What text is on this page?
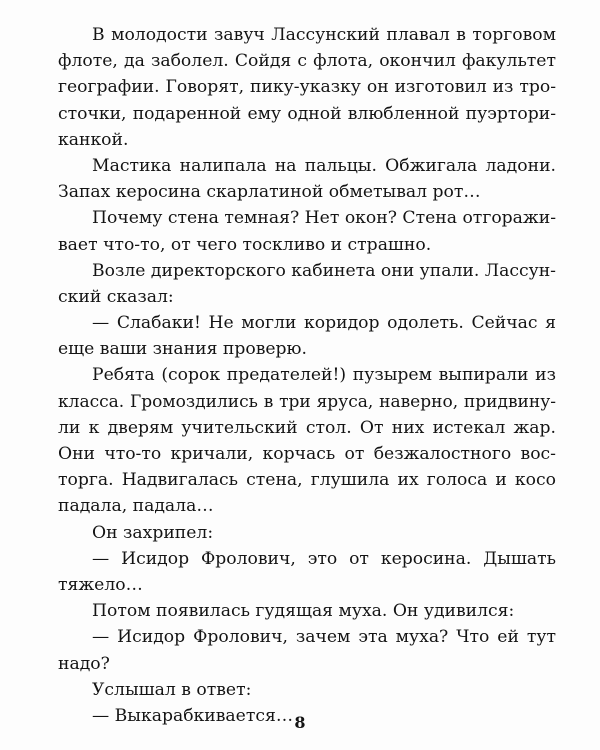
В молодости завуч Лассунский плавал в торговом
флоте, да заболел. Сойдя с флота, окончил факультет
географии. Говорят, пику-указку он изготовил из тро-
сточки, подаренной ему одной влюбленной пуэртори-
канкой.
Мастика налипала на пальцы. Обжигала ладони.
Запах керосина скарлатиной обметывал рот…
Почему стена темная? Нет окон? Стена отгоражи-
вает что-то, от чего тоскливо и страшно.
Возле директорского кабинета они упали. Лассун-
ский сказал:
— Слабаки! Не могли коридор одолеть. Сейчас я
еще ваши знания проверю.
Ребята (сорок предателей!) пузырем выпирали из
класса. Громоздились в три яруса, наверно, придвину-
ли к дверям учительский стол. От них истекал жар.
Они что-то кричали, корчась от безжалостного вос-
торга. Надвигалась стена, глушила их голоса и косо
падала, падала…
Он захрипел:
— Исидор Фролович, это от керосина. Дышать
тяжело…
Потом появилась гудящая муха. Он удивился:
— Исидор Фролович, зачем эта муха? Что ей тут
надо?
Услышал в ответ:
— Выкарабкивается… 8
